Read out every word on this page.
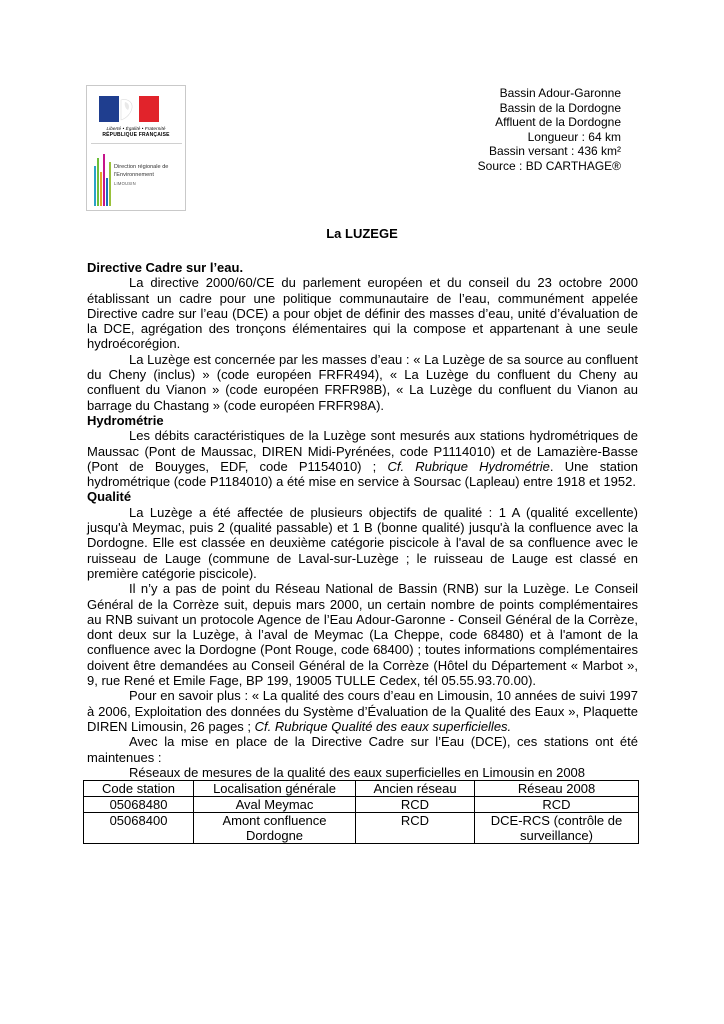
Liberté • Égalité • Fraternité
RÉPUBLIQUE FRANÇAISE
Direction régionale de l'Environnement
LIMOUSIN
Bassin Adour-Garonne
Bassin de la Dordogne
Affluent de la Dordogne
Longueur : 64 km
Bassin versant : 436 km²
Source : BD CARTHAGE®
La LUZEGE
Directive Cadre sur l’eau.
La directive 2000/60/CE du parlement européen et du conseil du 23 octobre 2000 établissant un cadre pour une politique communautaire de l’eau, communément appelée Directive cadre sur l’eau (DCE) a pour objet de définir des masses d’eau, unité d’évaluation de la DCE, agrégation des tronçons élémentaires qui la compose et appartenant à une seule hydroécorégion.
La Luzège est concernée par les masses d’eau : « La Luzège de sa source au confluent du Cheny (inclus) » (code européen FRFR494), « La Luzège du confluent du Cheny au confluent du Vianon » (code européen FRFR98B), « La Luzège du confluent du Vianon au barrage du Chastang » (code européen FRFR98A).
Hydrométrie
Les débits caractéristiques de la Luzège sont mesurés aux stations hydrométriques de Maussac (Pont de Maussac, DIREN Midi-Pyrénées, code P1114010) et de Lamazière-Basse (Pont de Bouyges, EDF, code P1154010) ; Cf. Rubrique Hydrométrie. Une station hydrométrique (code P1184010) a été mise en service à Soursac (Lapleau) entre 1918 et 1952.
Qualité
La Luzège a été affectée de plusieurs objectifs de qualité : 1 A (qualité excellente) jusqu'à Meymac, puis 2 (qualité passable) et 1 B (bonne qualité) jusqu'à la confluence avec la Dordogne. Elle est classée en deuxième catégorie piscicole à l'aval de sa confluence avec le ruisseau de Lauge (commune de Laval-sur-Luzège ; le ruisseau de Lauge est classé en première catégorie piscicole).
Il n’y a pas de point du Réseau National de Bassin (RNB) sur la Luzège. Le Conseil Général de la Corrèze suit, depuis mars 2000, un certain nombre de points complémentaires au RNB suivant un protocole Agence de l’Eau Adour-Garonne - Conseil Général de la Corrèze, dont deux sur la Luzège, à l’aval de Meymac (La Cheppe, code 68480) et à l'amont de la confluence avec la Dordogne (Pont Rouge, code 68400) ; toutes informations complémentaires doivent être demandées au Conseil Général de la Corrèze (Hôtel du Département « Marbot », 9, rue René et Emile Fage, BP 199, 19005 TULLE Cedex, tél 05.55.93.70.00).
Pour en savoir plus : « La qualité des cours d’eau en Limousin, 10 années de suivi 1997 à 2006, Exploitation des données du Système d’Évaluation de la Qualité des Eaux », Plaquette DIREN Limousin, 26 pages ; Cf. Rubrique Qualité des eaux superficielles.
Avec la mise en place de la Directive Cadre sur l’Eau (DCE), ces stations ont été maintenues :
Réseaux de mesures de la qualité des eaux superficielles en Limousin en 2008
Code station	Localisation générale	Ancien réseau	Réseau 2008
05068480	Aval Meymac	RCD	RCD
05068400	Amont confluence Dordogne	RCD	DCE-RCS (contrôle de surveillance)
